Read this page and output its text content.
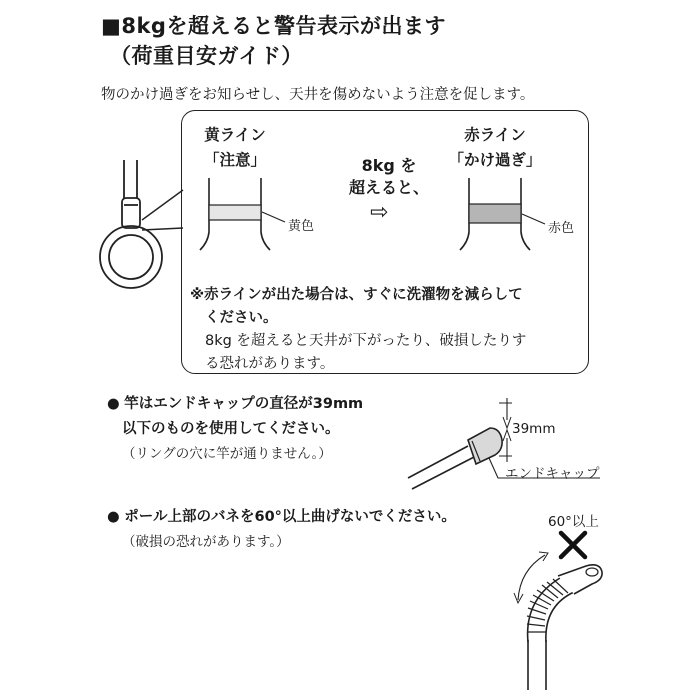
■8kgを超えると警告表示が出ます
（荷重目安ガイド）
物のかけ過ぎをお知らせし、天井を傷めないよう注意を促します。
黄ライン
「注意」
黄色
8kg を
超えると、
⇨
赤ライン
「かけ過ぎ」
赤色
※赤ラインが出た場合は、すぐに洗濯物を減らして
ください。
8kg を超えると天井が下がったり、破損したりす
る恐れがあります。
● 竿はエンドキャップの直径が39mm
以下のものを使用してください。
（リングの穴に竿が通りません。）
39mm
エンドキャップ
● ポール上部のバネを60°以上曲げないでください。
（破損の恐れがあります。）
60°以上
